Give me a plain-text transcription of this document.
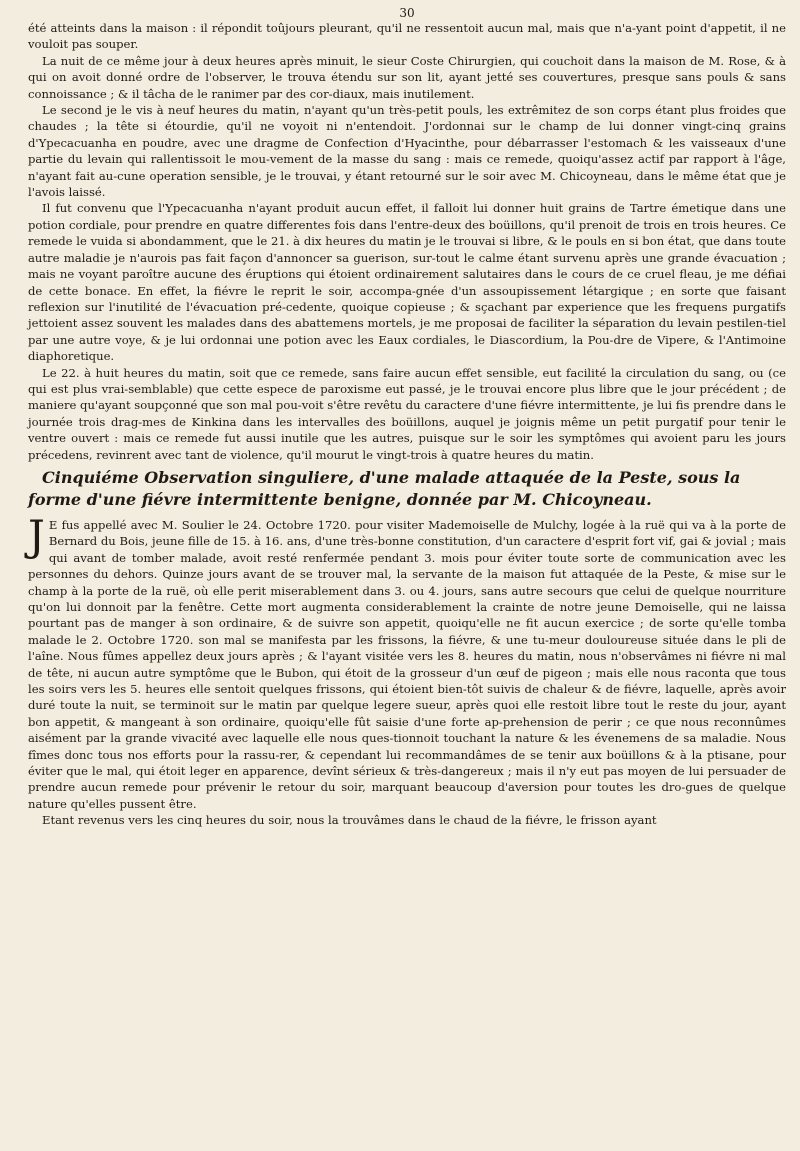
30

été atteints dans la maison : il répondit toûjours pleurant, qu'il ne ressentoit aucun mal, mais que n'a-yant point d'appetit, il ne vouloit pas souper.

La nuit de ce même jour à deux heures après minuit, le sieur Coste Chirurgien, qui couchoit dans la maison de M. Rose, & à qui on avoit donné ordre de l'observer, le trouva étendu sur son lit, ayant jetté ses couvertures, presque sans pouls & sans connoissance ; & il tâcha de le ranimer par des cor-diaux, mais inutilement.

Le second je le vis à neuf heures du matin, n'ayant qu'un très-petit pouls, les extrêmitez de son corps étant plus froides que chaudes ; la tête si étourdie, qu'il ne voyoit ni n'entendoit. J'ordonnai sur le champ de lui donner vingt-cinq grains d'Ypecacuanha en poudre, avec une dragme de Confection d'Hyacinthe, pour débarrasser l'estomach & les vaisseaux d'une partie du levain qui rallentissoit le mou-vement de la masse du sang : mais ce remede, quoiqu'assez actif par rapport à l'âge, n'ayant fait au-cune operation sensible, je le trouvai, y étant retourné sur le soir avec M. Chicoyneau, dans le même état que je l'avois laissé.

Il fut convenu que l'Ypecacuanha n'ayant produit aucun effet, il falloit lui donner huit grains de Tartre émetique dans une potion cordiale, pour prendre en quatre differentes fois dans l'entre-deux des boüillons, qu'il prenoit de trois en trois heures. Ce remede le vuida si abondamment, que le 21. à dix heures du matin je le trouvai si libre, & le pouls en si bon état, que dans toute autre maladie je n'aurois pas fait façon d'annoncer sa guerison, sur-tout le calme étant survenu après une grande évacuation ; mais ne voyant paroître aucune des éruptions qui étoient ordinairement salutaires dans le cours de ce cruel fleau, je me défiai de cette bonace. En effet, la fiévre le reprit le soir, accompa-gnée d'un assoupissement létargique ; en sorte que faisant reflexion sur l'inutilité de l'évacuation pré-cedente, quoique copieuse ; & sçachant par experience que les frequens purgatifs jettoient assez souvent les malades dans des abattemens mortels, je me proposai de faciliter la séparation du levain pestilen-tiel par une autre voye, & je lui ordonnai une potion avec les Eaux cordiales, le Diascordium, la Pou-dre de Vipere, & l'Antimoine diaphoretique.

Le 22. à huit heures du matin, soit que ce remede, sans faire aucun effet sensible, eut facilité la circulation du sang, ou (ce qui est plus vrai-semblable) que cette espece de paroxisme eut passé, je le trouvai encore plus libre que le jour précédent ; de maniere qu'ayant soupçonné que son mal pou-voit s'être revêtu du caractere d'une fiévre intermittente, je lui fis prendre dans le journée trois drag-mes de Kinkina dans les intervalles des boüillons, auquel je joignis même un petit purgatif pour tenir le ventre ouvert : mais ce remede fut aussi inutile que les autres, puisque sur le soir les symptômes qui avoient paru les jours précedens, revinrent avec tant de violence, qu'il mourut le vingt-trois à quatre heures du matin.

Cinquiéme Observation singuliere, d'une malade attaquée de la Peste, sous la forme d'une fiévre intermittente benigne, donnée par M. Chicoyneau.

J E fus appellé avec M. Soulier le 24. Octobre 1720. pour visiter Mademoiselle de Mulchy, logée à la ruë qui va à la porte de Bernard du Bois, jeune fille de 15. à 16. ans, d'une très-bonne constitution, d'un caractere d'esprit fort vif, gai & jovial ; mais qui avant de tomber malade, avoit resté renfermée pendant 3. mois pour éviter toute sorte de communication avec les personnes du dehors. Quinze jours avant de se trouver mal, la servante de la maison fut attaquée de la Peste, & mise sur le champ à la porte de la ruë, où elle perit miserablement dans 3. ou 4. jours, sans autre secours que celui de quelque nourriture qu'on lui donnoit par la fenêtre. Cette mort augmenta considerablement la crainte de notre jeune Demoiselle, qui ne laissa pourtant pas de manger à son ordinaire, & de suivre son appetit, quoiqu'elle ne fit aucun exercice ; de sorte qu'elle tomba malade le 2. Octobre 1720. son mal se manifesta par les frissons, la fiévre, & une tu-meur douloureuse située dans le pli de l'aîne. Nous fûmes appellez deux jours après ; & l'ayant visitée vers les 8. heures du matin, nous n'observâmes ni fiévre ni mal de tête, ni aucun autre symptôme que le Bubon, qui étoit de la grosseur d'un œuf de pigeon ; mais elle nous raconta que tous les soirs vers les 5. heures elle sentoit quelques frissons, qui étoient bien-tôt suivis de chaleur & de fiévre, laquelle, après avoir duré toute la nuit, se terminoit sur le matin par quelque legere sueur, après quoi elle restoit libre tout le reste du jour, ayant bon appetit, & mangeant à son ordinaire, quoiqu'elle fût saisie d'une forte ap-prehension de perir ; ce que nous reconnûmes aisément par la grande vivacité avec laquelle elle nous ques-tionnoit touchant la nature & les évenemens de sa maladie. Nous fîmes donc tous nos efforts pour la rassu-rer, & cependant lui recommandâmes de se tenir aux boüillons & à la ptisane, pour éviter que le mal, qui étoit leger en apparence, devînt sérieux & très-dangereux ; mais il n'y eut pas moyen de lui persuader de prendre aucun remede pour prévenir le retour du soir, marquant beaucoup d'aversion pour toutes les dro-gues de quelque nature qu'elles pussent être.

Etant revenus vers les cinq heures du soir, nous la trouvâmes dans le chaud de la fiévre, le frisson ayant
